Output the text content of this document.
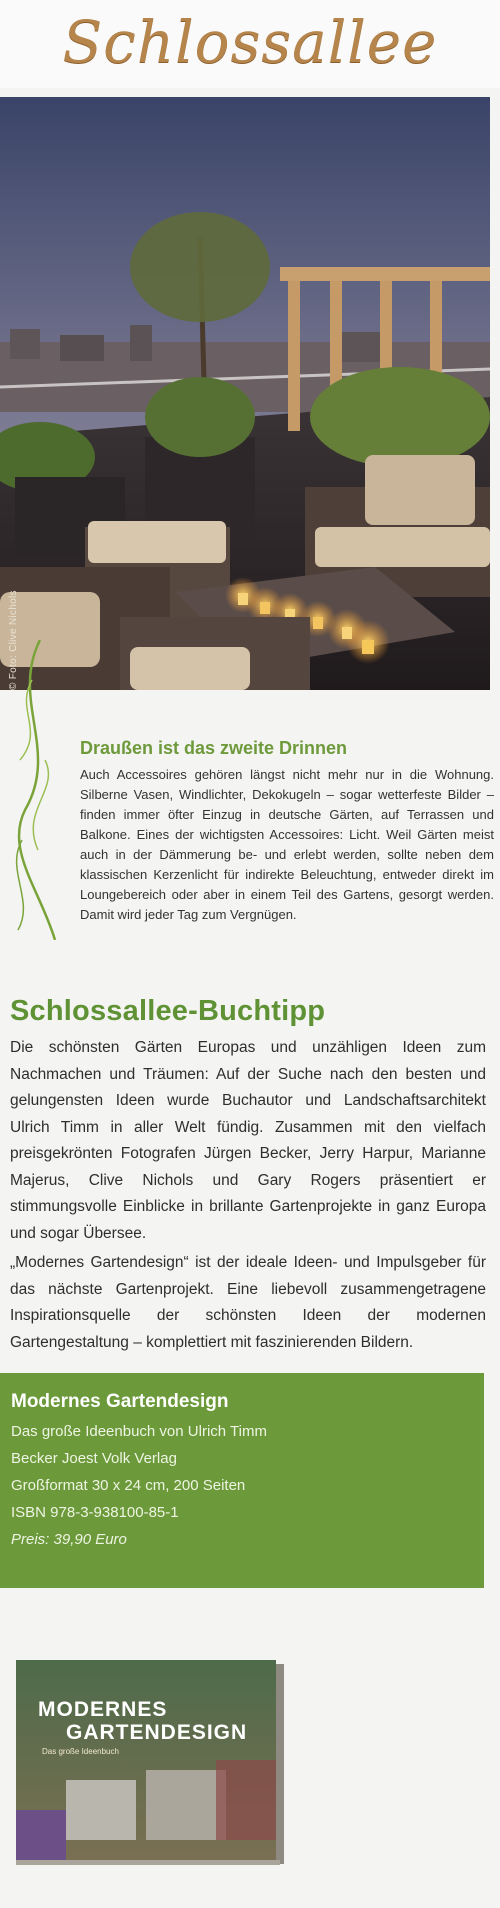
Schlossallee
© Foto: Clive Nichols
Draußen ist das zweite Drinnen

Auch Accessoires gehören längst nicht mehr nur in die Wohnung. Silberne Vasen, Windlichter, Dekokugeln – sogar wetterfeste Bilder – finden immer öfter Einzug in deutsche Gärten, auf Terrassen und Balkone. Eines der wichtigsten Accessoires: Licht. Weil Gärten meist auch in der Dämmerung be- und erlebt werden, sollte neben dem klassischen Kerzenlicht für indirekte Beleuchtung, entweder direkt im Loungebereich oder aber in einem Teil des Gartens, gesorgt werden. Damit wird jeder Tag zum Vergnügen.

Schlossallee-Buchtipp

Die schönsten Gärten Europas und unzähligen Ideen zum Nachmachen und Träumen: Auf der Suche nach den besten und gelungensten Ideen wurde Buchautor und Landschaftsarchitekt Ulrich Timm in aller Welt fündig. Zusammen mit den vielfach preisgekrönten Fotografen Jürgen Becker, Jerry Harpur, Marianne Majerus, Clive Nichols und Gary Rogers präsentiert er stimmungsvolle Einblicke in brillante Gartenprojekte in ganz Europa und sogar Übersee.

„Modernes Gartendesign“ ist der ideale Ideen- und Impulsgeber für das nächste Gartenprojekt. Eine liebevoll zusammengetragene Inspirationsquelle der schönsten Ideen der modernen Gartengestaltung – komplettiert mit faszinierenden Bildern.

Modernes Gartendesign
Das große Ideenbuch von Ulrich Timm
Becker Joest Volk Verlag
Großformat 30 x 24 cm, 200 Seiten
ISBN 978-3-938100-85-1
Preis: 39,90 Euro
MODERNES
GARTENDESIGN
Das große Ideenbuch
